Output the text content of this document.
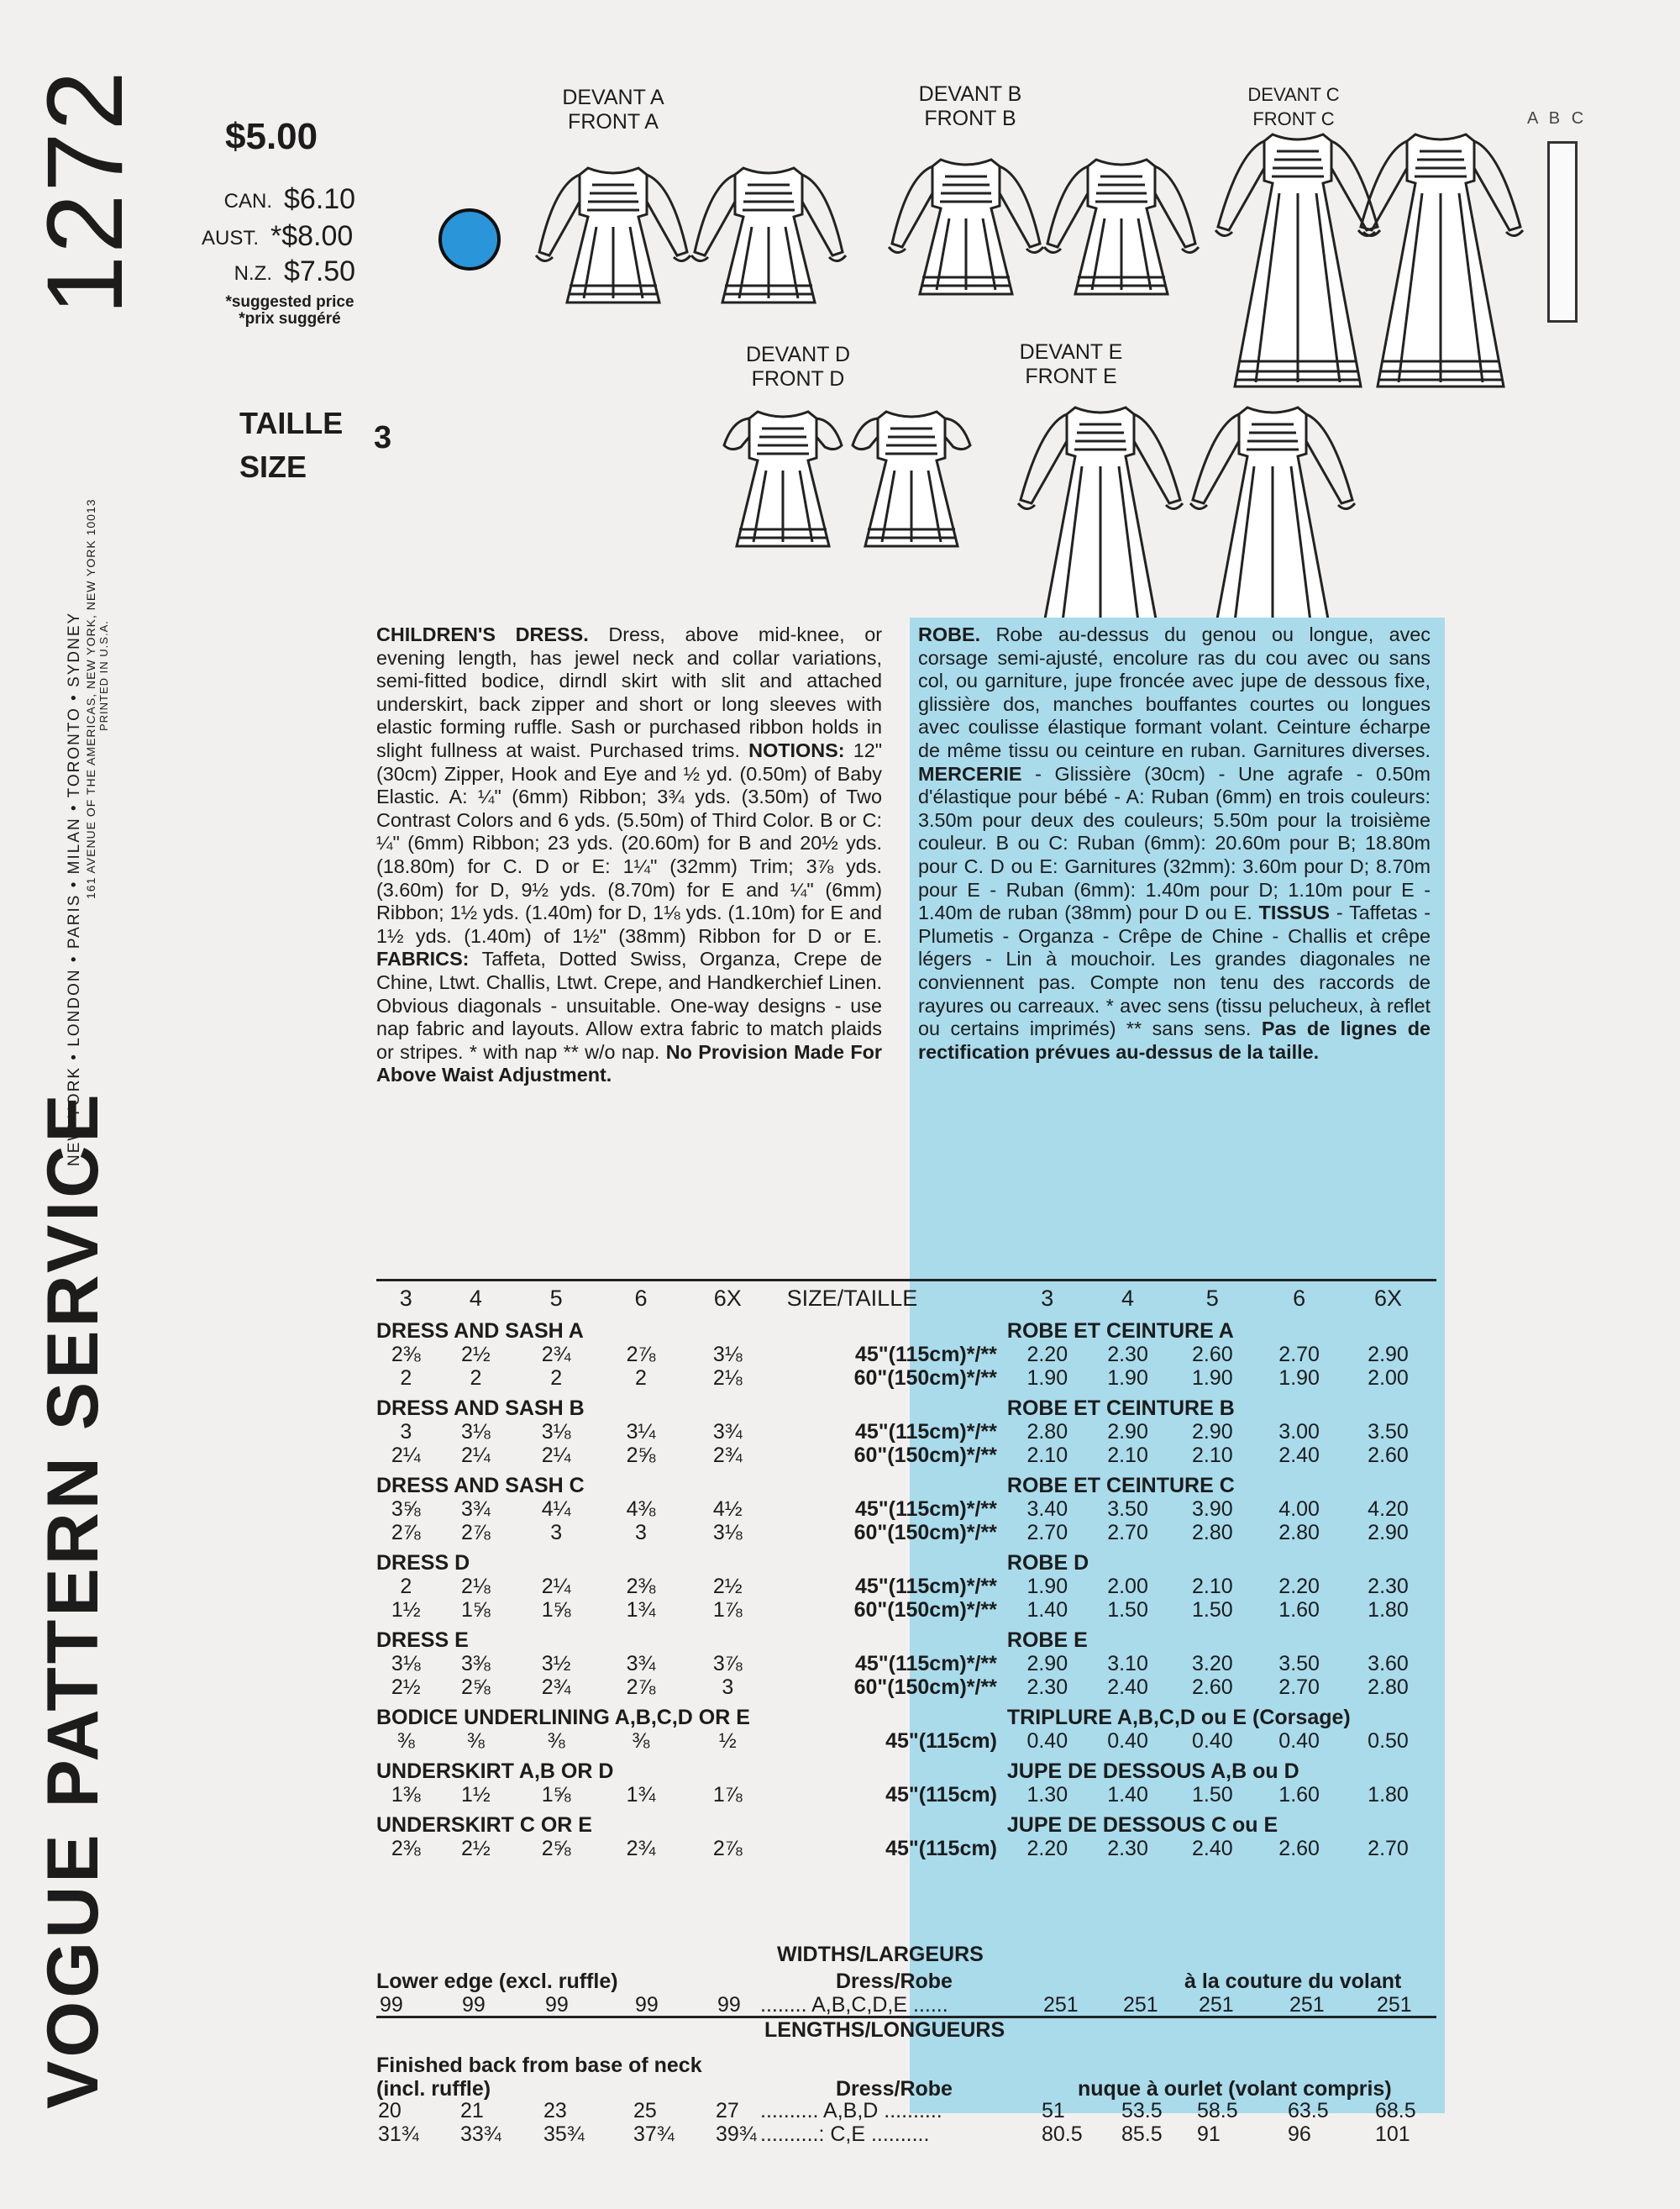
VOGUE PATTERN SERVICE
1272
NEW YORK • LONDON • PARIS • MILAN • TORONTO • SYDNEY 161 AVENUE OF THE AMERICAS, NEW YORK, NEW YORK 10013 PRINTED IN U.S.A.
$5.00
CAN. $6.10
AUST. *$8.00
N.Z. $7.50
*suggested price
*prix suggéré
TAILLE
SIZE
3
DEVANT A
FRONT A
DEVANT B
FRONT B
DEVANT C
FRONT C
DEVANT D
FRONT D
DEVANT E
FRONT E
A B C
CHILDREN'S DRESS. Dress, above mid-knee, or evening length, has jewel neck and collar variations, semi-fitted bodice, dirndl skirt with slit and attached underskirt, back zipper and short or long sleeves with elastic forming ruffle. Sash or purchased ribbon holds in slight fullness at waist. Purchased trims. NOTIONS: 12" (30cm) Zipper, Hook and Eye and ½ yd. (0.50m) of Baby Elastic. A: ¼" (6mm) Ribbon; 3¾ yds. (3.50m) of Two Contrast Colors and 6 yds. (5.50m) of Third Color. B or C: ¼" (6mm) Ribbon; 23 yds. (20.60m) for B and 20½ yds. (18.80m) for C. D or E: 1¼" (32mm) Trim; 3⅞ yds. (3.60m) for D, 9½ yds. (8.70m) for E and ¼" (6mm) Ribbon; 1½ yds. (1.40m) for D, 1⅛ yds. (1.10m) for E and 1½ yds. (1.40m) of 1½" (38mm) Ribbon for D or E. FABRICS: Taffeta, Dotted Swiss, Organza, Crepe de Chine, Ltwt. Challis, Ltwt. Crepe, and Handkerchief Linen. Obvious diagonals - unsuitable. One-way designs - use nap fabric and layouts. Allow extra fabric to match plaids or stripes. * with nap ** w/o nap. No Provision Made For Above Waist Adjustment.
ROBE. Robe au-dessus du genou ou longue, avec corsage semi-ajusté, encolure ras du cou avec ou sans col, ou garniture, jupe froncée avec jupe de dessous fixe, glissière dos, manches bouffantes courtes ou longues avec coulisse élastique formant volant. Ceinture écharpe de même tissu ou ceinture en ruban. Garnitures diverses. MERCERIE - Glissière (30cm) - Une agrafe - 0.50m d'élastique pour bébé - A: Ruban (6mm) en trois couleurs: 3.50m pour deux des couleurs; 5.50m pour la troisième couleur. B ou C: Ruban (6mm): 20.60m pour B; 18.80m pour C. D ou E: Garnitures (32mm): 3.60m pour D; 8.70m pour E - Ruban (6mm): 1.40m pour D; 1.10m pour E - 1.40m de ruban (38mm) pour D ou E. TISSUS - Taffetas - Plumetis - Organza - Crêpe de Chine - Challis et crêpe légers - Lin à mouchoir. Les grandes diagonales ne conviennent pas. Compte non tenu des raccords de rayures ou carreaux. * avec sens (tissu pelucheux, à reflet ou certains imprimés) ** sans sens. Pas de lignes de rectification prévues au-dessus de la taille.
3	4	5	6	6X	SIZE/TAILLE	3	4	5	6	6X
DRESS AND SASH A						ROBE ET CEINTURE A				
2⅜	2½	2¾	2⅞	3⅛	45"(115cm)*/**	2.20	2.30	2.60	2.70	2.90
2	2	2	2	2⅛	60"(150cm)*/**	1.90	1.90	1.90	1.90	2.00
DRESS AND SASH B						ROBE ET CEINTURE B				
3	3⅛	3⅛	3¼	3¾	45"(115cm)*/**	2.80	2.90	2.90	3.00	3.50
2¼	2¼	2¼	2⅝	2¾	60"(150cm)*/**	2.10	2.10	2.10	2.40	2.60
DRESS AND SASH C						ROBE ET CEINTURE C				
3⅝	3¾	4¼	4⅜	4½	45"(115cm)*/**	3.40	3.50	3.90	4.00	4.20
2⅞	2⅞	3	3	3⅛	60"(150cm)*/**	2.70	2.70	2.80	2.80	2.90
DRESS D						ROBE D				
2	2⅛	2¼	2⅜	2½	45"(115cm)*/**	1.90	2.00	2.10	2.20	2.30
1½	1⅝	1⅝	1¾	1⅞	60"(150cm)*/**	1.40	1.50	1.50	1.60	1.80
DRESS E						ROBE E				
3⅛	3⅜	3½	3¾	3⅞	45"(115cm)*/**	2.90	3.10	3.20	3.50	3.60
2½	2⅝	2¾	2⅞	3	60"(150cm)*/**	2.30	2.40	2.60	2.70	2.80
BODICE UNDERLINING A,B,C,D OR E						TRIPLURE A,B,C,D ou E (Corsage)				
⅜	⅜	⅜	⅜	½	45"(115cm)	0.40	0.40	0.40	0.40	0.50
UNDERSKIRT A,B OR D						JUPE DE DESSOUS A,B ou D				
1⅜	1½	1⅝	1¾	1⅞	45"(115cm)	1.30	1.40	1.50	1.60	1.80
UNDERSKIRT C OR E						JUPE DE DESSOUS C ou E				
2⅜	2½	2⅝	2¾	2⅞	45"(115cm)	2.20	2.30	2.40	2.60	2.70
WIDTHS/LARGEURS
Lower edge (excl. ruffle)	Dress/Robe	à la couture du volant
99	99	99	99	99 ........ A,B,C,D,E ......	251 251 251	251 251
LENGTHS/LONGUEURS
Finished back from base of neck
(incl. ruffle)	Dress/Robe	nuque à ourlet (volant compris)
20	21	23	25	27 .......... A,B,D ..........	51	53.5 58.5 63.5 68.5
31¾ 33¾ 35¾ 37¾ 39¾ ..........: C,E ..........	80.5 85.5 91	96	101
